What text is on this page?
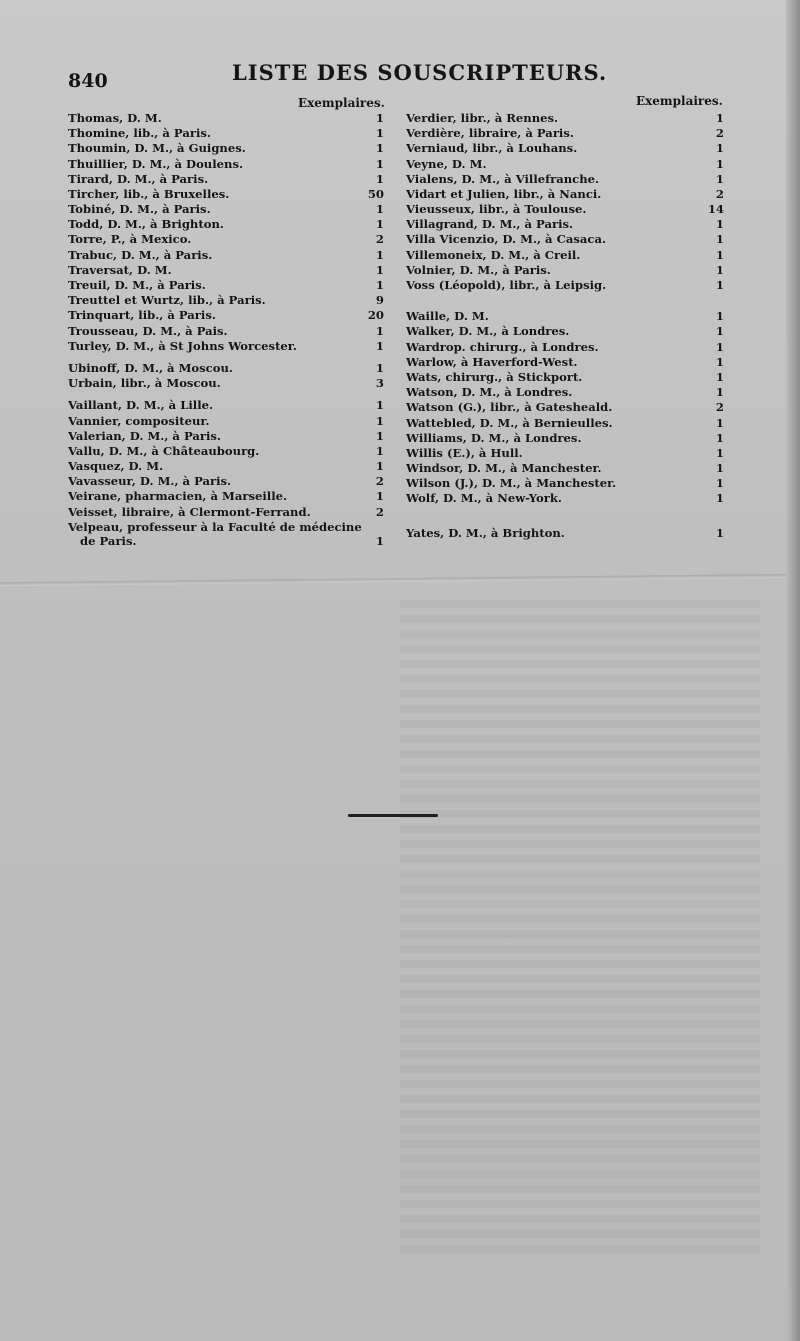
840	LISTE DES SOUSCRIPTEURS.
Exemplaires.	Exemplaires.
Thomas, D. M.	1
Thomine, lib., à Paris.	1
Thoumin, D. M., à Guignes.	1
Thuillier, D. M., à Doulens.	1
Tirard, D. M., à Paris.	1
Tircher, lib., à Bruxelles.	50
Tobiné, D. M., à Paris.	1
Todd, D. M., à Brighton.	1
Torre, P., à Mexico.	2
Trabuc, D. M., à Paris.	1
Traversat, D. M.	1
Treuil, D. M., à Paris.	1
Treuttel et Wurtz, lib., à Paris.	9
Trinquart, lib., à Paris.	20
Trousseau, D. M., à Pais.	1
Turley, D. M., à St Johns Worcester.	1
Ubinoff, D. M., à Moscou.	1
Urbain, libr., à Moscou.	3
Vaillant, D. M., à Lille.	1
Vannier, compositeur.	1
Valerian, D. M., à Paris.	1
Vallu, D. M., à Châteaubourg.	1
Vasquez, D. M.	1
Vavasseur, D. M., à Paris.	2
Veirane, pharmacien, à Marseille.	1
Veisset, libraire, à Clermont-Ferrand.	2
Velpeau, professeur à la Faculté de médecine
de Paris.	1
Verdier, libr., à Rennes.	1
Verdière, libraire, à Paris.	2
Verniaud, libr., à Louhans.	1
Veyne, D. M.	1
Vialens, D. M., à Villefranche.	1
Vidart et Julien, libr., à Nanci.	2
Vieusseux, libr., à Toulouse.	14
Villagrand, D. M., à Paris.	1
Villa Vicenzio, D. M., à Casaca.	1
Villemoneix, D. M., à Creil.	1
Volnier, D. M., à Paris.	1
Voss (Léopold), libr., à Leipsig.	1
Waille, D. M.	1
Walker, D. M., à Londres.	1
Wardrop. chirurg., à Londres.	1
Warlow, à Haverford-West.	1
Wats, chirurg., à Stickport.	1
Watson, D. M., à Londres.	1
Watson (G.), libr., à Gatesheald.	2
Wattebled, D. M., à Bernieulles.	1
Williams, D. M., à Londres.	1
Willis (E.), à Hull.	1
Windsor, D. M., à Manchester.	1
Wilson (J.), D. M., à Manchester.	1
Wolf, D. M., à New-York.	1
Yates, D. M., à Brighton.	1
